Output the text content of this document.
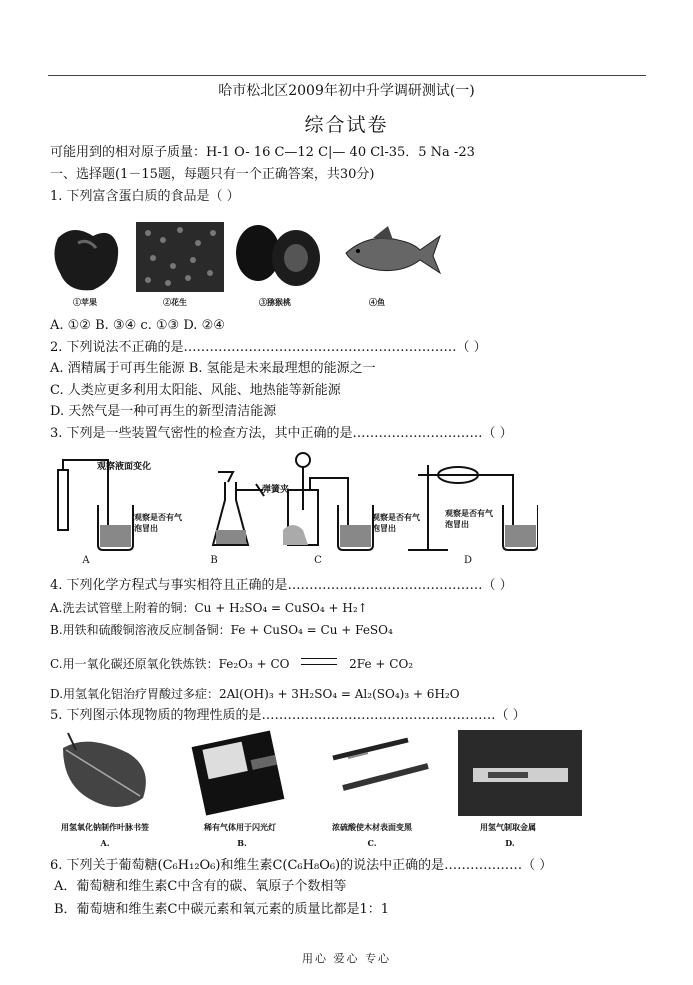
哈市松北区2009年初中升学调研测试(一)
综合试卷
可能用到的相对原子质量：H-1 O- 16 C—12 C|— 40 Cl-35．5 Na -23
一、选择题(1－15题，每题只有一个正确答案，共30分)
1. 下列富含蛋白质的食品是（ ）
①苹果	②花生	③猕猴桃	④鱼
A. ①② B. ③④ c. ①③ D. ②④
2. 下列说法不正确的是………………………………………………………（ ）
A. 酒精属于可再生能源 B. 氢能是未来最理想的能源之一
C. 人类应更多利用太阳能、风能、地热能等新能源
D. 天然气是一种可再生的新型清洁能源
3. 下列是一些装置气密性的检查方法，其中正确的是…………………………（ ）
观察液面变化
弹簧夹
观察是否有气泡冒出
观察是否有气泡冒出
观察是否有气泡冒出
A	B	C	D
4. 下列化学方程式与事实相符且正确的是………………………………………（ ）
A.洗去试管壁上附着的铜：Cu + H₂SO₄ = CuSO₄ + H₂↑
B.用铁和硫酸铜溶液反应制备铜：Fe + CuSO₄ = Cu + FeSO₄
C.用一氧化碳还原氧化铁炼铁：Fe₂O₃ + CO	2Fe + CO₂
D.用氢氧化铝治疗胃酸过多症：2Al(OH)₃ + 3H₂SO₄ = Al₂(SO₄)₃ + 6H₂O
5. 下列图示体现物质的物理性质的是………………………………………………（ ）
用氢氧化钠制作叶脉书签	稀有气体用于闪光灯	浓硫酸使木材表面变黑	用氢气制取金属
A.	B.	C.	D.
6. 下列关于葡萄糖(C₆H₁₂O₆)和维生素C(C₆H₈O₆)的说法中正确的是………………（ ）
A．葡萄糖和维生素C中含有的碳、氧原子个数相等
B．葡萄塘和维生素C中碳元素和氧元素的质量比都是1：1
用心 爱心 专心
